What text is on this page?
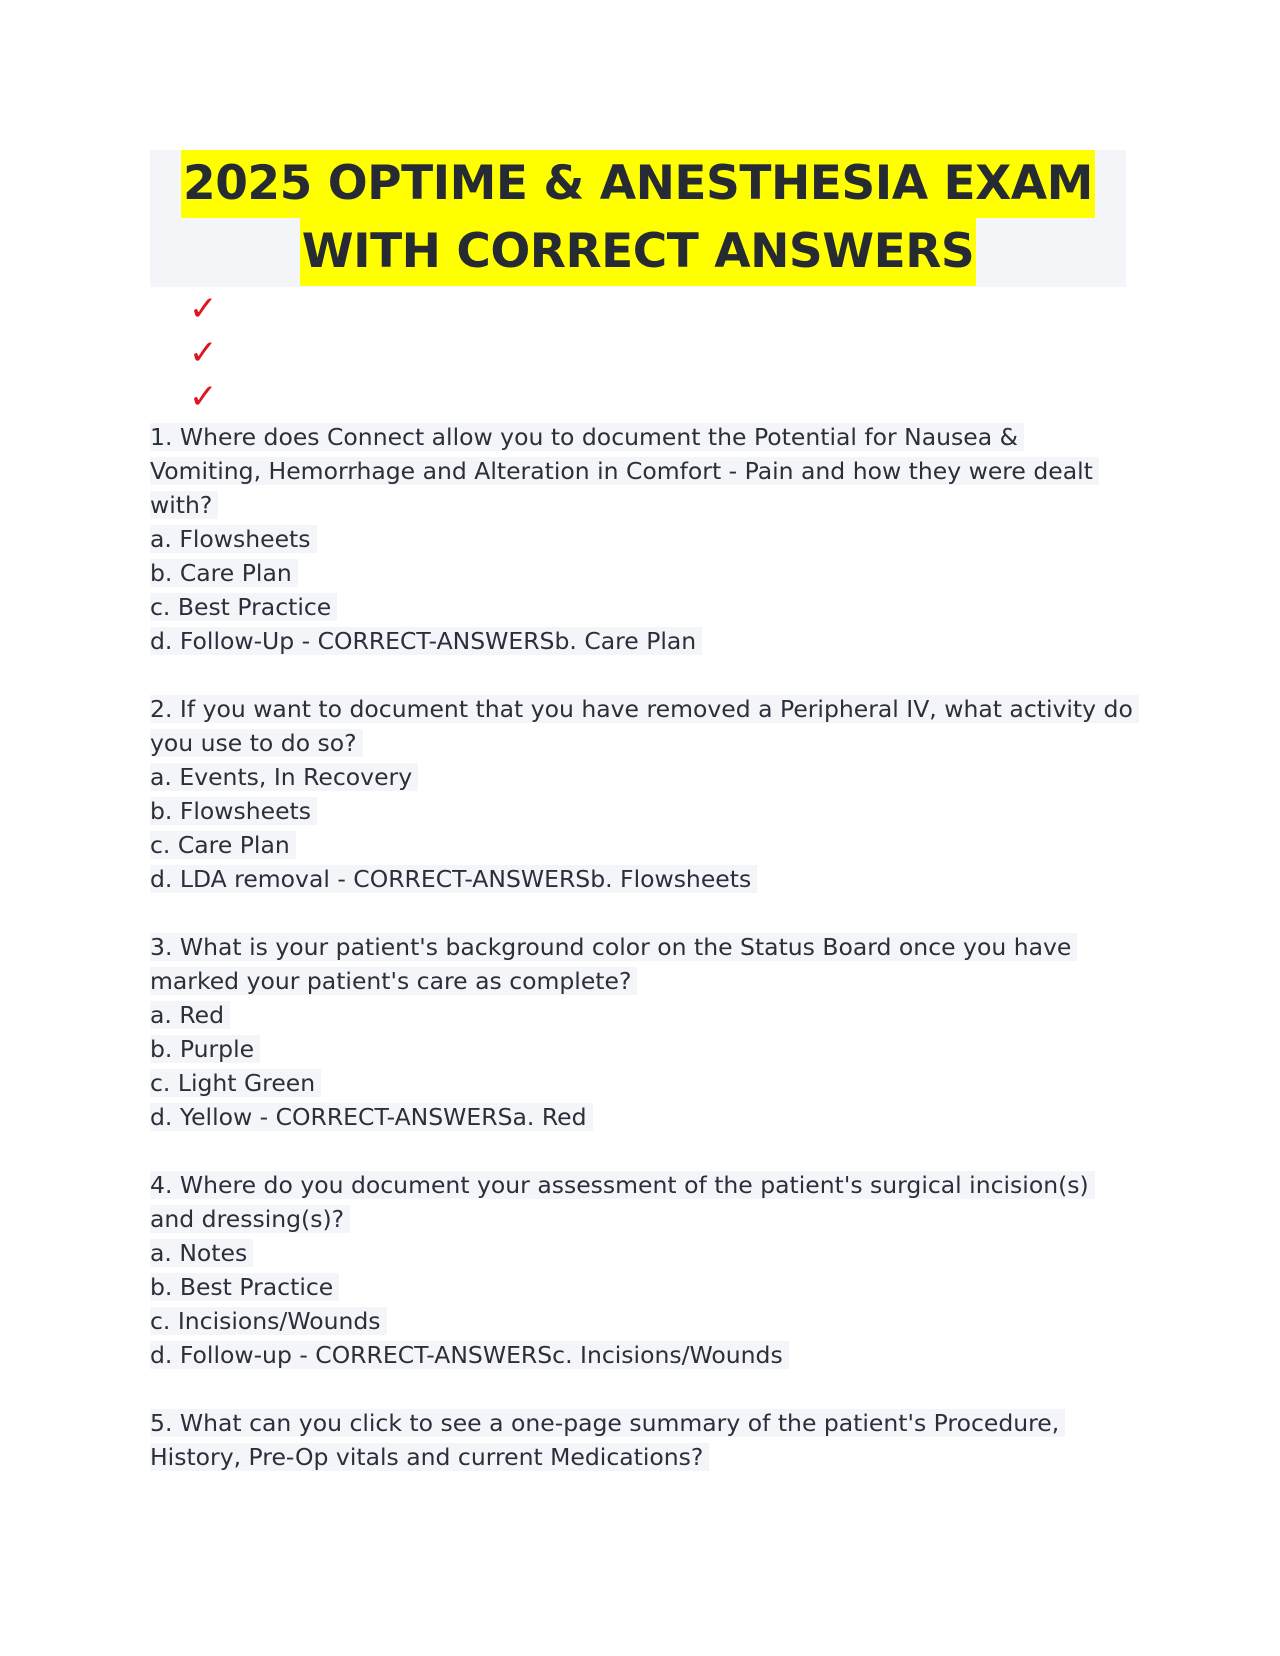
2025 OPTIME & ANESTHESIA EXAM
WITH CORRECT ANSWERS
✓
✓
✓
1. Where does Connect allow you to document the Potential for Nausea &
Vomiting, Hemorrhage and Alteration in Comfort - Pain and how they were dealt
with?
a. Flowsheets
b. Care Plan
c. Best Practice
d. Follow-Up - CORRECT-ANSWERSb. Care Plan
2. If you want to document that you have removed a Peripheral IV, what activity do
you use to do so?
a. Events, In Recovery
b. Flowsheets
c. Care Plan
d. LDA removal - CORRECT-ANSWERSb. Flowsheets
3. What is your patient's background color on the Status Board once you have
marked your patient's care as complete?
a. Red
b. Purple
c. Light Green
d. Yellow - CORRECT-ANSWERSa. Red
4. Where do you document your assessment of the patient's surgical incision(s)
and dressing(s)?
a. Notes
b. Best Practice
c. Incisions/Wounds
d. Follow-up - CORRECT-ANSWERSc. Incisions/Wounds
5. What can you click to see a one-page summary of the patient's Procedure,
History, Pre-Op vitals and current Medications?
